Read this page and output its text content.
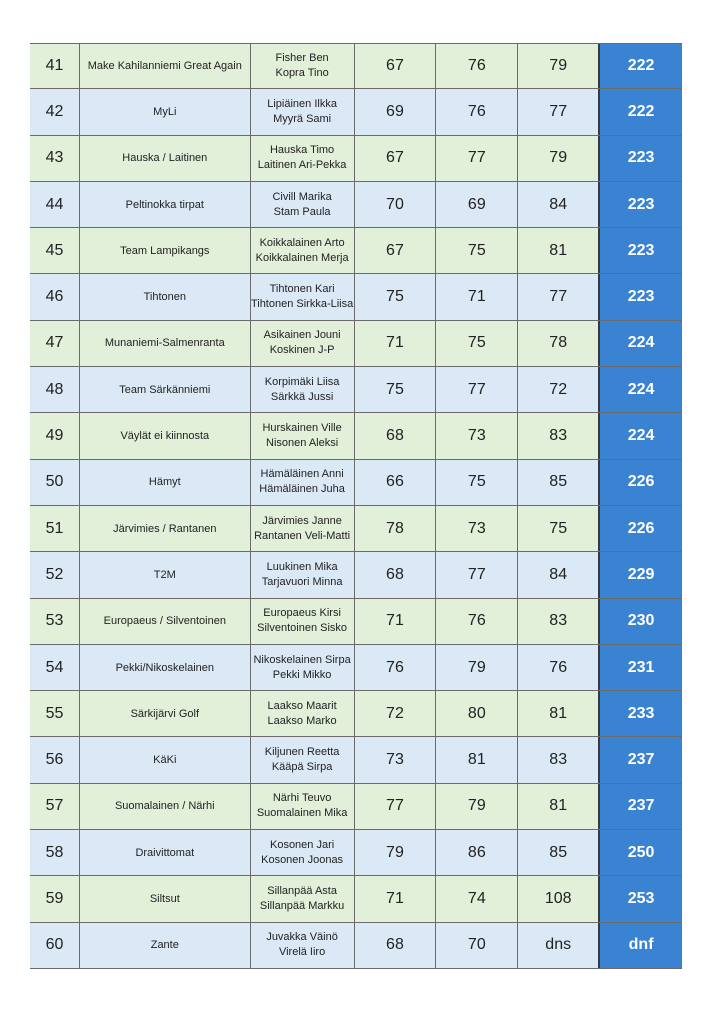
41	Make Kahilanniemi Great Again
Fisher Ben
Kopra Tino	67	76	79	222
42	MyLi
Lipiäinen Ilkka
Myyrä Sami	69	76	77	222
43	Hauska / Laitinen
Hauska Timo
Laitinen Ari-Pekka	67	77	79	223
44	Peltinokka tirpat
Civill Marika
Stam Paula	70	69	84	223
45	Team Lampikangs
Koikkalainen Arto
Koikkalainen Merja	67	75	81	223
46	Tihtonen
Tihtonen Kari
Tihtonen Sirkka-Liisa	75	71	77	223
47	Munaniemi-Salmenranta
Asikainen Jouni
Koskinen J-P	71	75	78	224
48	Team Särkänniemi
Korpimäki Liisa
Särkkä Jussi	75	77	72	224
49	Väylät ei kiinnosta
Hurskainen Ville
Nisonen Aleksi	68	73	83	224
50	Hämyt
Hämäläinen Anni
Hämäläinen Juha	66	75	85	226
51	Järvimies / Rantanen
Järvimies Janne
Rantanen Veli-Matti	78	73	75	226
52	T2M
Luukinen Mika
Tarjavuori Minna	68	77	84	229
53	Europaeus / Silventoinen
Europaeus Kirsi
Silventoinen Sisko	71	76	83	230
54	Pekki/Nikoskelainen
Nikoskelainen Sirpa
Pekki Mikko	76	79	76	231
55	Särkijärvi Golf
Laakso Maarit
Laakso Marko	72	80	81	233
56	KäKi
Kiljunen Reetta
Kääpä Sirpa	73	81	83	237
57	Suomalainen / Närhi
Närhi Teuvo
Suomalainen Mika	77	79	81	237
58	Draivittomat
Kosonen Jari
Kosonen Joonas	79	86	85	250
59	Siltsut
Sillanpää Asta
Sillanpää Markku	71	74	108	253
60	Zante
Juvakka Väinö
Virelä Iiro	68	70	dns	dnf
